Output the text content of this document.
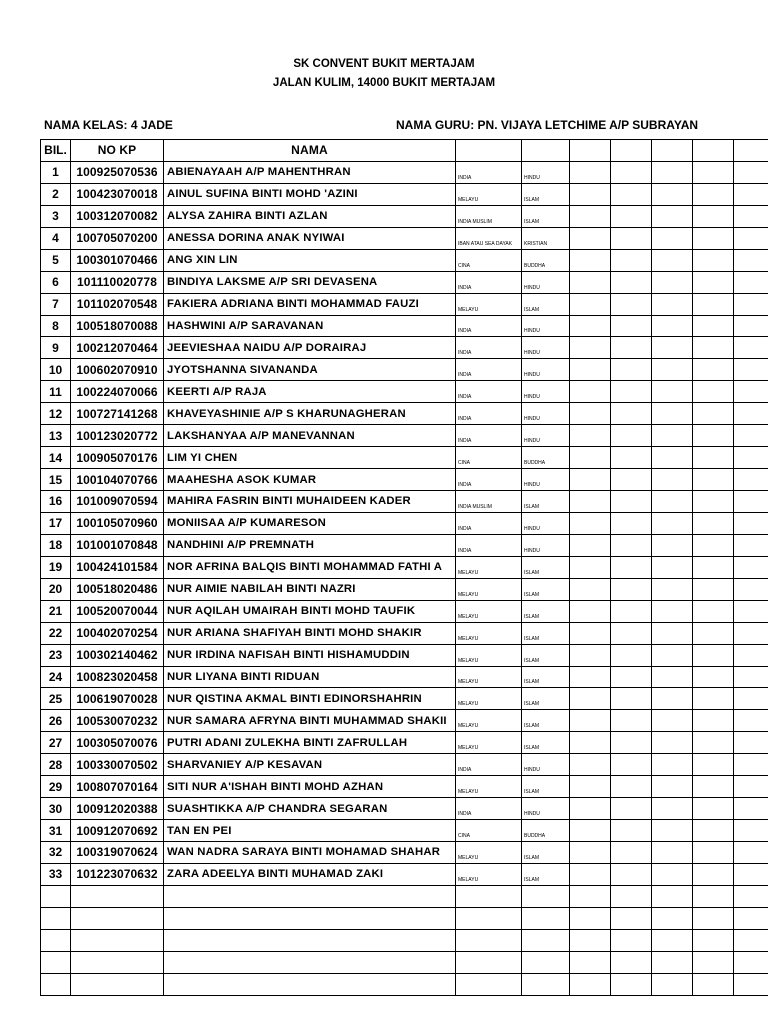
SK CONVENT BUKIT MERTAJAM
JALAN KULIM, 14000 BUKIT MERTAJAM
NAMA KELAS: 4 JADE	NAMA GURU: PN. VIJAYA LETCHIME A/P SUBRAYAN
BIL.	NO KP	NAMA							
1	100925070536	ABIENAYAAH A/P MAHENTHRAN	INDIA	HINDU					
2	100423070018	AINUL SUFINA BINTI MOHD 'AZINI	MELAYU	ISLAM					
3	100312070082	ALYSA ZAHIRA BINTI AZLAN	INDIA MUSLIM	ISLAM					
4	100705070200	ANESSA DORINA ANAK NYIWAI	IBAN ATAU SEA DAYAK	KRISTIAN					
5	100301070466	ANG XIN LIN	CINA	BUDDHA					
6	101110020778	BINDIYA LAKSME A/P SRI DEVASENA	INDIA	HINDU					
7	101102070548	FAKIERA ADRIANA BINTI MOHAMMAD FAUZI	MELAYU	ISLAM					
8	100518070088	HASHWINI A/P SARAVANAN	INDIA	HINDU					
9	100212070464	JEEVIESHAA NAIDU A/P DORAIRAJ	INDIA	HINDU					
10	100602070910	JYOTSHANNA SIVANANDA	INDIA	HINDU					
11	100224070066	KEERTI A/P RAJA	INDIA	HINDU					
12	100727141268	KHAVEYASHINIE A/P S KHARUNAGHERAN	INDIA	HINDU					
13	100123020772	LAKSHANYAA A/P MANEVANNAN	INDIA	HINDU					
14	100905070176	LIM YI CHEN	CINA	BUDDHA					
15	100104070766	MAAHESHA ASOK KUMAR	INDIA	HINDU					
16	101009070594	MAHIRA FASRIN BINTI MUHAIDEEN KADER	INDIA MUSLIM	ISLAM					
17	100105070960	MONIISAA A/P KUMARESON	INDIA	HINDU					
18	101001070848	NANDHINI A/P PREMNATH	INDIA	HINDU					
19	100424101584	NOR AFRINA BALQIS BINTI MOHAMMAD FATHI A	MELAYU	ISLAM					
20	100518020486	NUR AIMIE NABILAH BINTI NAZRI	MELAYU	ISLAM					
21	100520070044	NUR AQILAH UMAIRAH BINTI MOHD TAUFIK	MELAYU	ISLAM					
22	100402070254	NUR ARIANA SHAFIYAH BINTI MOHD SHAKIR	MELAYU	ISLAM					
23	100302140462	NUR IRDINA NAFISAH BINTI HISHAMUDDIN	MELAYU	ISLAM					
24	100823020458	NUR LIYANA BINTI RIDUAN	MELAYU	ISLAM					
25	100619070028	NUR QISTINA AKMAL BINTI EDINORSHAHRIN	MELAYU	ISLAM					
26	100530070232	NUR SAMARA AFRYNA BINTI MUHAMMAD SHAKII	MELAYU	ISLAM					
27	100305070076	PUTRI ADANI ZULEKHA BINTI ZAFRULLAH	MELAYU	ISLAM					
28	100330070502	SHARVANIEY A/P KESAVAN	INDIA	HINDU					
29	100807070164	SITI NUR A'ISHAH BINTI MOHD AZHAN	MELAYU	ISLAM					
30	100912020388	SUASHTIKKA A/P CHANDRA SEGARAN	INDIA	HINDU					
31	100912070692	TAN EN PEI	CINA	BUDDHA					
32	100319070624	WAN NADRA SARAYA BINTI MOHAMAD SHAHAR	MELAYU	ISLAM					
33	101223070632	ZARA ADEELYA BINTI MUHAMAD ZAKI	MELAYU	ISLAM					
